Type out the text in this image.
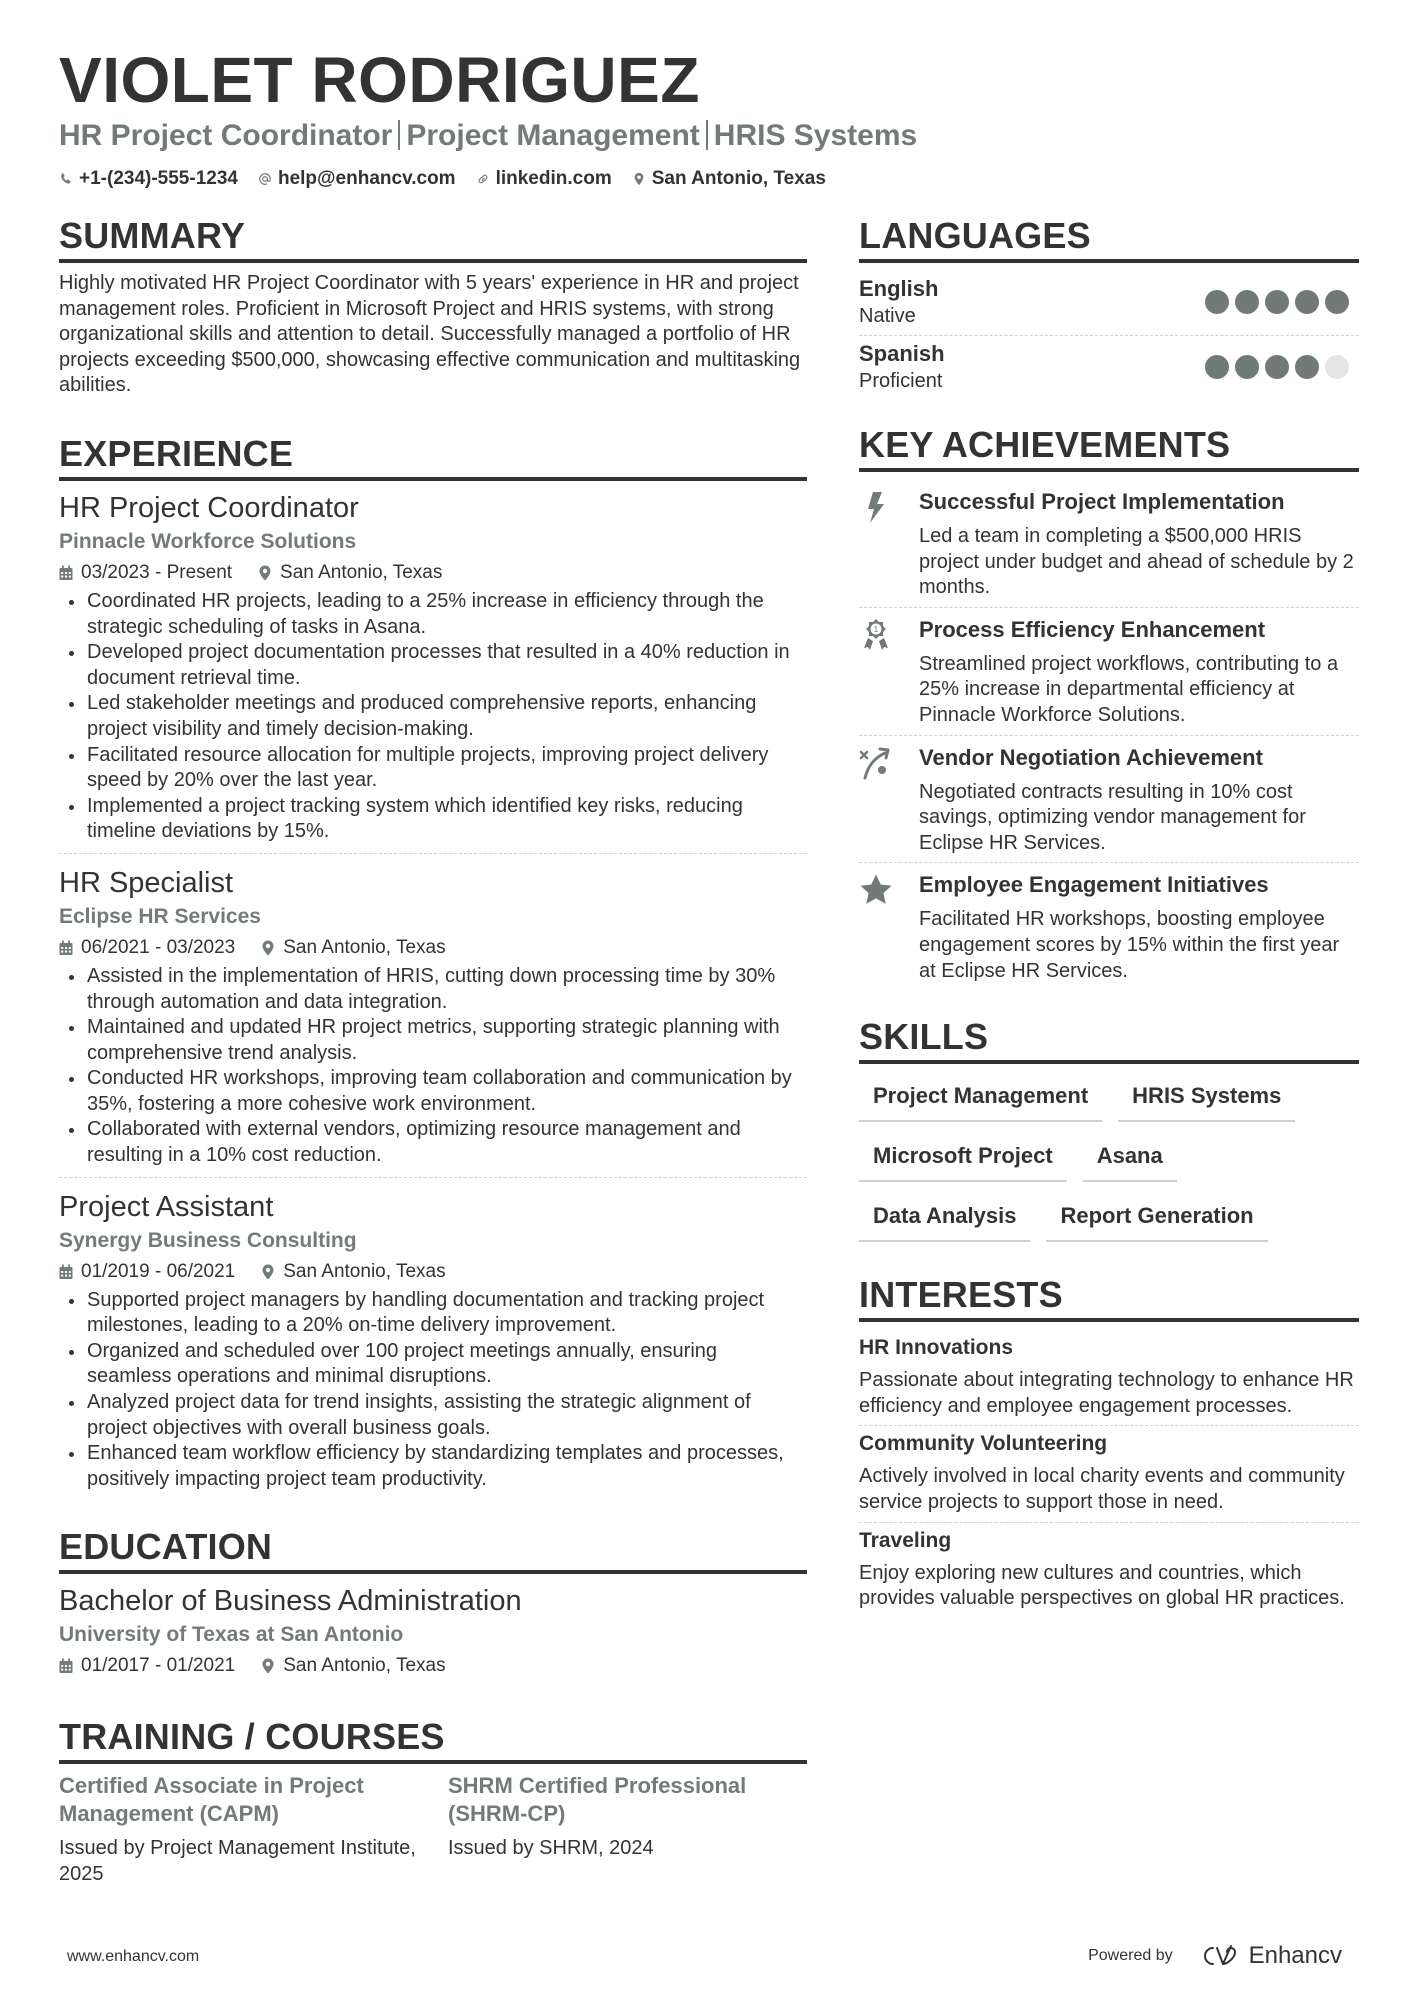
VIOLET RODRIGUEZ
HR Project Coordinator Project Management HRIS Systems
+1-(234)-555-1234 help@enhancv.com linkedin.com San Antonio, Texas
SUMMARY
Highly motivated HR Project Coordinator with 5 years' experience in HR and project management roles. Proficient in Microsoft Project and HRIS systems, with strong organizational skills and attention to detail. Successfully managed a portfolio of HR projects exceeding $500,000, showcasing effective communication and multitasking abilities.
EXPERIENCE
HR Project Coordinator
Pinnacle Workforce Solutions
03/2023 - Present	San Antonio, Texas
Coordinated HR projects, leading to a 25% increase in efficiency through the strategic scheduling of tasks in Asana.
Developed project documentation processes that resulted in a 40% reduction in document retrieval time.
Led stakeholder meetings and produced comprehensive reports, enhancing project visibility and timely decision-making.
Facilitated resource allocation for multiple projects, improving project delivery speed by 20% over the last year.
Implemented a project tracking system which identified key risks, reducing timeline deviations by 15%.
HR Specialist
Eclipse HR Services
06/2021 - 03/2023	San Antonio, Texas
Assisted in the implementation of HRIS, cutting down processing time by 30% through automation and data integration.
Maintained and updated HR project metrics, supporting strategic planning with comprehensive trend analysis.
Conducted HR workshops, improving team collaboration and communication by 35%, fostering a more cohesive work environment.
Collaborated with external vendors, optimizing resource management and resulting in a 10% cost reduction.
Project Assistant
Synergy Business Consulting
01/2019 - 06/2021	San Antonio, Texas
Supported project managers by handling documentation and tracking project milestones, leading to a 20% on-time delivery improvement.
Organized and scheduled over 100 project meetings annually, ensuring seamless operations and minimal disruptions.
Analyzed project data for trend insights, assisting the strategic alignment of project objectives with overall business goals.
Enhanced team workflow efficiency by standardizing templates and processes, positively impacting project team productivity.
EDUCATION
Bachelor of Business Administration
University of Texas at San Antonio
01/2017 - 01/2021	San Antonio, Texas
TRAINING / COURSES
Certified Associate in Project Management (CAPM)
Issued by Project Management Institute, 2025
SHRM Certified Professional (SHRM-CP)
Issued by SHRM, 2024
LANGUAGES
English
Native
Spanish
Proficient
KEY ACHIEVEMENTS
Successful Project Implementation
Led a team in completing a $500,000 HRIS project under budget and ahead of schedule by 2 months.
1 Process Efficiency Enhancement
Streamlined project workflows, contributing to a 25% increase in departmental efficiency at Pinnacle Workforce Solutions.
Vendor Negotiation Achievement
Negotiated contracts resulting in 10% cost savings, optimizing vendor management for Eclipse HR Services.
Employee Engagement Initiatives
Facilitated HR workshops, boosting employee engagement scores by 15% within the first year at Eclipse HR Services.
SKILLS
Project Management	HRIS Systems
Microsoft Project	Asana
Data Analysis	Report Generation
INTERESTS
HR Innovations
Passionate about integrating technology to enhance HR efficiency and employee engagement processes.
Community Volunteering
Actively involved in local charity events and community service projects to support those in need.
Traveling
Enjoy exploring new cultures and countries, which provides valuable perspectives on global HR practices.
www.enhancv.com	Powered by	Enhancv
